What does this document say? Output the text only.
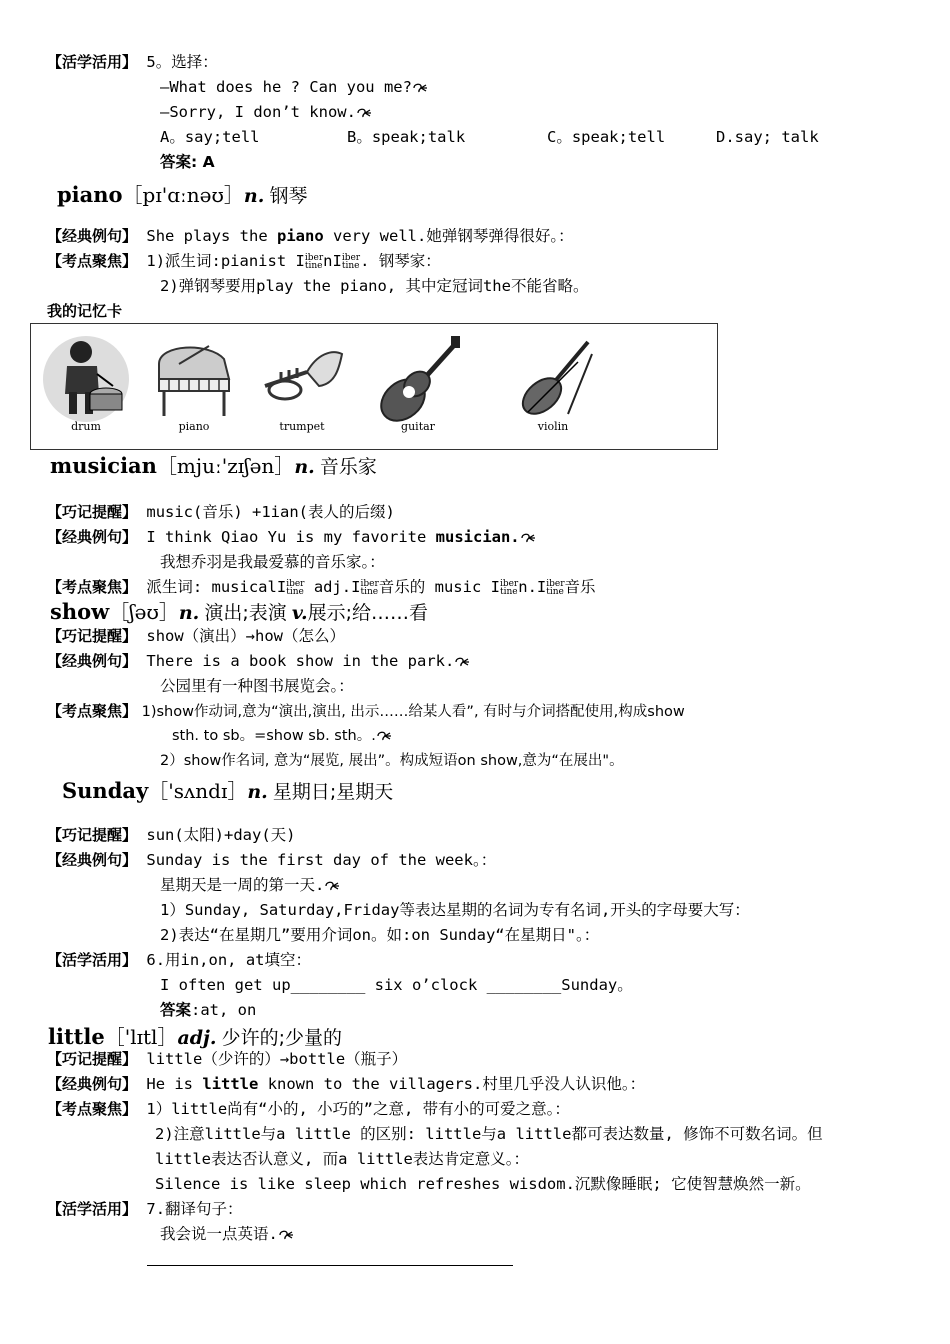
【活学活用】 5。选择：
—What does he ? Can you me?
—Sorry, I don’t know.
A。say;tell	B。speak;talk	C。speak;tell	D.say; talk
答案: A
piano［pɪ'ɑːnəʊ］n. 钢琴
【经典例句】 She plays the piano very well.她弹钢琴弹得很好。：
【考点聚焦】 1)派生词:pianist Iiber
tinenIiber
tine. 钢琴家：
2)弹钢琴要用play the piano, 其中定冠词the不能省略。
我的记忆卡
drum	piano	trumpet	guitar	violin
musician［mjuː'zɪʃən］n. 音乐家
【巧记提醒】 music(音乐) +1ian(表人的后缀)
【经典例句】 I think Qiao Yu is my favorite musician.
我想乔羽是我最爱慕的音乐家。：
【考点聚焦】 派生词: musicalIiber
tine adj.Iiber
tine音乐的 music Iiber
tinen.Iiber
tine音乐
show［ʃəʊ］n. 演出;表演 v.展示;给……看
【巧记提醒】 show（演出）→how（怎么）
【经典例句】 There is a book show in the park.
公园里有一种图书展览会。：
【考点聚焦】 1)show作动词,意为“演出,演出, 出示……给某人看”, 有时与介词搭配使用,构成show
sth. to sb。=show sb. sth。.
2）show作名词, 意为“展览, 展出”。构成短语on show,意为“在展出"。
Sunday［'sʌndɪ］n. 星期日;星期天
【巧记提醒】 sun(太阳)+day(天)
【经典例句】 Sunday is the first day of the week。：
星期天是一周的第一天.
1）Sunday, Saturday,Friday等表达星期的名词为专有名词,开头的字母要大写：
2)表达“在星期几”要用介词on。如:on Sunday“在星期日"。：
【活学活用】 6.用in,on, at填空：
I often get up________ six o’clock ________Sunday。
答案:at, on
little［'lɪtl］adj. 少许的;少量的
【巧记提醒】 little（少许的）→bottle（瓶子）
【经典例句】 He is little known to the villagers.村里几乎没人认识他。：
【考点聚焦】 1）little尚有“小的, 小巧的”之意, 带有小的可爱之意。：
2)注意little与a little 的区别: little与a little都可表达数量, 修饰不可数名词。但
little表达否认意义, 而a little表达肯定意义。：
Silence is like sleep which refreshes wisdom.沉默像睡眠; 它使智慧焕然一新。
【活学活用】 7.翻译句子：
我会说一点英语.
